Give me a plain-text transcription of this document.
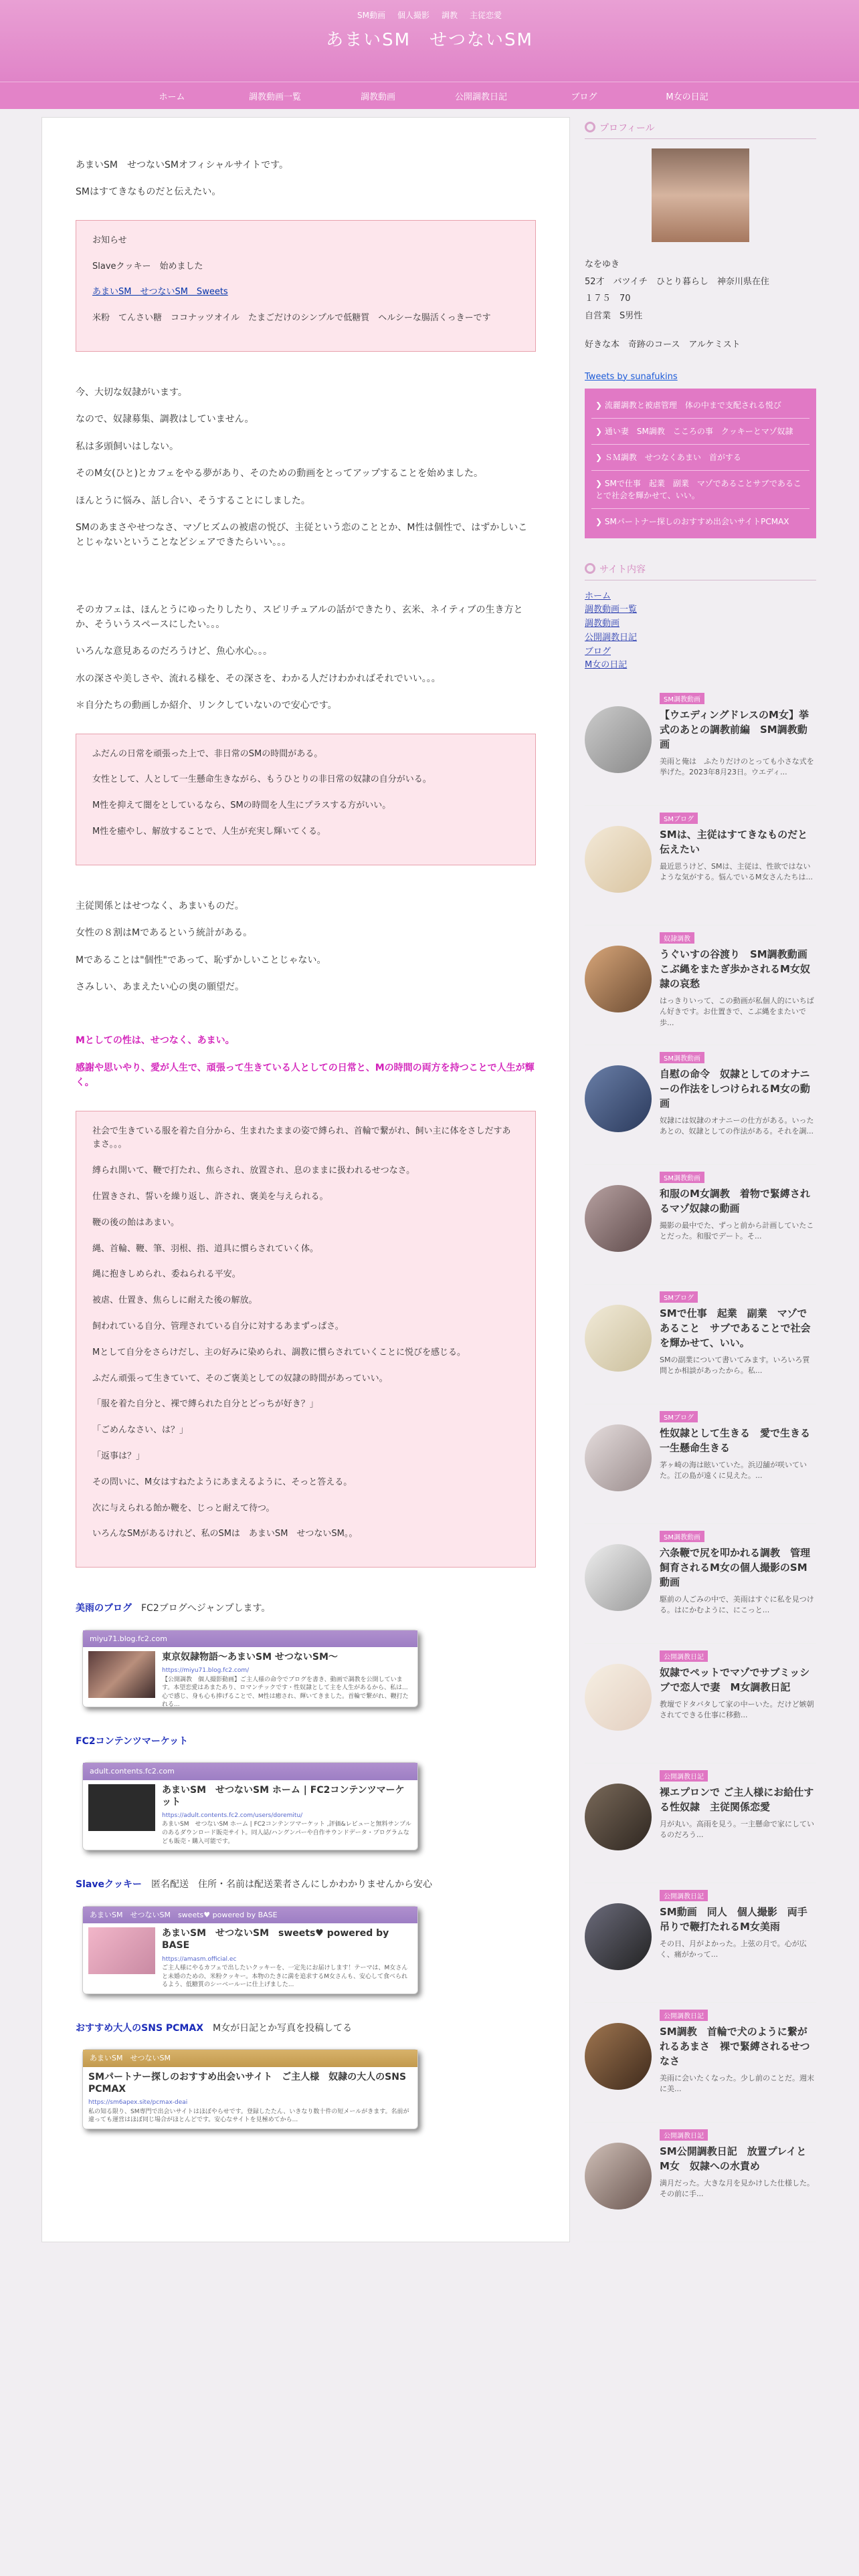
SM動画 個人撮影 調教 主従恋愛
あまいSM　せつないSM
ホーム	調教動画一覧	調教動画	公開調教日記	ブログ	M女の日記

あまいSM　せつないSMオフィシャルサイトです。

SMはすてきなものだと伝えたい。

お知らせ

Slaveクッキー　始めました

あまいSM　せつないSM　Sweets

米粉　てんさい糖　ココナッツオイル　たまごだけのシンプルで低糖質　ヘルシーな腸活くっきーです

今、大切な奴隷がいます。

なので、奴隷募集、調教はしていません。

私は多頭飼いはしない。

そのM女(ひと)とカフェをやる夢があり、そのための動画をとってアップすることを始めました。

ほんとうに悩み、話し合い、そうすることにしました。

SMのあまさやせつなさ、マゾヒズムの被虐の悦び、主従という恋のこととか、M性は個性で、はずかしいことじゃないということなどシェアできたらいい。。。

そのカフェは、ほんとうにゆったりしたり、スピリチュアルの話ができたり、玄米、ネイティブの生き方とか、そういうスペースにしたい。。。

いろんな意見あるのだろうけど、魚心水心。。。

水の深さや美しさや、流れる様を、その深さを、わかる人だけわかればそれでいい。。。

＊自分たちの動画しか紹介、リンクしていないので安心です。

ふだんの日常を頑張った上で、非日常のSMの時間がある。

女性として、人として一生懸命生きながら、もうひとりの非日常の奴隷の自分がいる。

M性を抑えて闇をとしているなら、SMの時間を人生にプラスする方がいい。

M性を癒やし、解放することで、人生が充実し輝いてくる。

主従関係とはせつなく、あまいものだ。

女性の８割はMであるという統計がある。

Mであることは"個性"であって、恥ずかしいことじゃない。

さみしい、あまえたい心の奥の願望だ。

Mとしての性は、せつなく、あまい。

感謝や思いやり、愛が人生で、頑張って生きている人としての日常と、Mの時間の両方を持つことで人生が輝く。

社会で生きている服を着た自分から、生まれたままの姿で縛られ、首輪で繋がれ、飼い主に体をさしだすあまさ。。。

縛られ開いて、鞭で打たれ、焦らされ、放置され、息のままに扱われるせつなさ。

仕置きされ、誓いを繰り返し、許され、褒美を与えられる。

鞭の後の飴はあまい。

縄、首輪、鞭、筆、羽根、指、道具に慣らされていく体。

縄に抱きしめられ、委ねられる平安。

被虐、仕置き、焦らしに耐えた後の解放。

飼われている自分、管理されている自分に対するあまずっぱさ。

Mとして自分をさらけだし、主の好みに染められ、調教に慣らされていくことに悦びを感じる。

ふだん頑張って生きていて、そのご褒美としての奴隷の時間があっていい。

「服を着た自分と、裸で縛られた自分とどっちが好き？」

「ごめんなさい、は？」

「返事は？」

その問いに、M女はすねたようにあまえるように、そっと答える。

次に与えられる飴か鞭を、じっと耐えて待つ。

いろんなSMがあるけれど、私のSMは　あまいSM　せつないSM。。

美雨のブログ　 FC2ブログへジャンプします。

miyu71.blog.fc2.com
東京奴隷物語〜あまいSM せつないSM〜
https://miyu71.blog.fc2.com/
【公開調教　個人撮影動画】ご主人様の命令でブログを書き、動画で調教を公開しています。本望恋愛はあまたあり、ロマンチックです・性奴隷として主を人生があるから、私は...心で感じ、身も心も捧げることで、M性は癒され、輝いてきました。首輪で繋がれ、鞭打たれる...

FC2コンテンツマーケット

adult.contents.fc2.com
あまいSM　せつないSM ホーム | FC2コンテンツマーケット
https://adult.contents.fc2.com/users/doremitu/
あまいSM　せつないSM ホーム | FC2コンテンツマーケット ,評価&レビューと無料サンプルのあるダウンロード販売サイト。同人誌/ハングンパーや自作サウンドデータ・プログラムなども販売・購入可能です。

Slaveクッキー　 匿名配送　住所・名前は配送業者さんにしかわかりませんから安心

あまいSM　せつないSM　sweets♥ powered by BASE
あまいSM　せつないSM　sweets♥ powered by BASE
https://amasm.official.ec
ご主人様にやるカフェで出したいクッキーを、一定先にお届けします！テーマは、M女さんと未婚のための、米粉クッキー。本物のたきに満を追求するM女さんも、安心して食べられるよう、低糖質のシーベールーに仕上げました...

おすすめ大人のSNS PCMAX　 M女が日記とか写真を投稿してる

あまいSM　せつないSM
SMパートナー探しのおすすめ出会いサイト　ご主人様　奴隷の大人のSNS　PCMAX
https://sm6apex.site/pcmax-deai
私の知る限り、SM専門で出会いサイトはほぼやらせです。登録したたん、いきなり数十件の短メールがきます。名前が違っても運営はほぼ同じ場合がほとんどです。安心なサイトを見極めてから...
プロフィール

なをゆき

52才　バツイチ　ひとり暮らし　神奈川県在住

１７５　70

自営業　S男性

好きな本　奇跡のコース　アルケミスト

Tweets by sunafukins
❯ 流麗調教と被虐管理　体の中まで支配される悦び
❯ 通い妻　SM調教　こころの事　クッキーとマゾ奴隷
❯ ＳＭ調教　せつなくあまい　首がする
❯ SMで仕事　起業　副業　マゾであることサブであることで社会を輝かせて、いい。
❯ SMパートナー探しのおすすめ出会いサイトPCMAX
サイト内容
ホーム
調教動画一覧
調教動画
公開調教日記
ブログ
M女の日記
SM調教動画
【ウエディングドレスのM女】挙式のあとの調教前編　SM調教動画
美雨と俺は　ふたりだけのとっても小さな式を挙げた。2023年8月23日。ウエディ...
SMブログ
SMは、主従はすてきなものだと伝えたい
最近思うけど、SMは、主従は、性欲ではないような気がする。悩んでいるM女さんたちは...
奴隷調教
うぐいすの谷渡り　SM調教動画　こぶ縄をまたぎ歩かされるM女奴隷の哀愁
はっきりいって、この動画が私個人的にいちばん好きです。お仕置きで、こぶ縄をまたいで歩...
SM調教動画
自慰の命令　奴隷としてのオナニーの作法をしつけられるM女の動画
奴隷には奴隷のオナニーの仕方がある。いったあとの、奴隷としての作法がある。それを調...
SM調教動画
和服のM女調教　着物で緊縛されるマゾ奴隷の動画
撮影の最中でた、ずっと前から計画していたことだった。和服でデート。そ...
SMブログ
SMで仕事　起業　副業　マゾであること　サブであることで社会を輝かせて、いい。
SMの副業について書いてみます。いろいろ質問とか相談があったから。私...
SMブログ
性奴隷として生きる　愛で生きる　一生懸命生きる
茅ヶ崎の海は眩いていた。浜辺舗が咲いていた。江の島が遠くに見えた。...
SM調教動画
六条鞭で尻を叩かれる調教　管理　飼育されるM女の個人撮影のSM動画
駆前の人ごみの中で、美雨はすぐに私を見つける。はにかむように、にこっと...
公開調教日記
奴隷でペットでマゾでサブミッシブで恋人で妻　M女調教日記
教壇でドタバタして家の中ーいた。だけど嫉朝されてできる仕事に移動...
公開調教日記
裸エプロンで ご主人様にお給仕する性奴隷　主従関係恋愛
月が丸い。高雨を見う。一主懸命で家にしているのだろう...
公開調教日記
SM動画　同人　個人撮影　両手吊りで鞭打たれるM女美雨
その日、月がよかった。上弦の月で。心が広く、痛がかって...
公開調教日記
SM調教　首輪で犬のように繋がれるあまさ　裸で緊縛されるせつなさ
美雨に会いたくなった。少し前のことだ。週末に美...
公開調教日記
SM公開調教日記　放置プレイとM女　奴隷への水責め
満月だった。大きな月を見かけした仕様した。その前に手...
